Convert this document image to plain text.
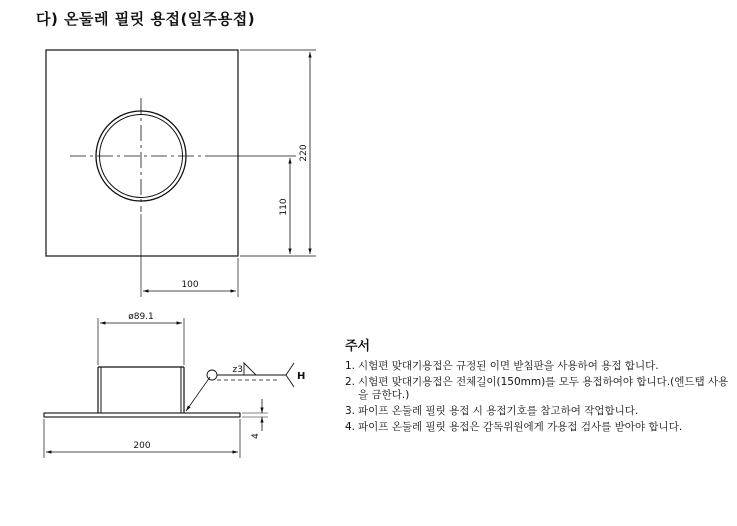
다) 온둘레 필릿 용접(일주용접)
220
110
100
ø89.1
200
4
z3
H
주서
1. 시험편 맞대기용접은 규정된 이면 받침판을 사용하여 용접 합니다.
2. 시험편 맞대기용접은 전체길이(150mm)를 모두 용접하여야 합니다.(엔드탭 사용을 금한다.)
3. 파이프 온둘레 필릿 용접 시 용접기호를 참고하여 작업합니다.
4. 파이프 온둘레 필릿 용접은 감독위원에게 가용접 검사를 받아야 합니다.
